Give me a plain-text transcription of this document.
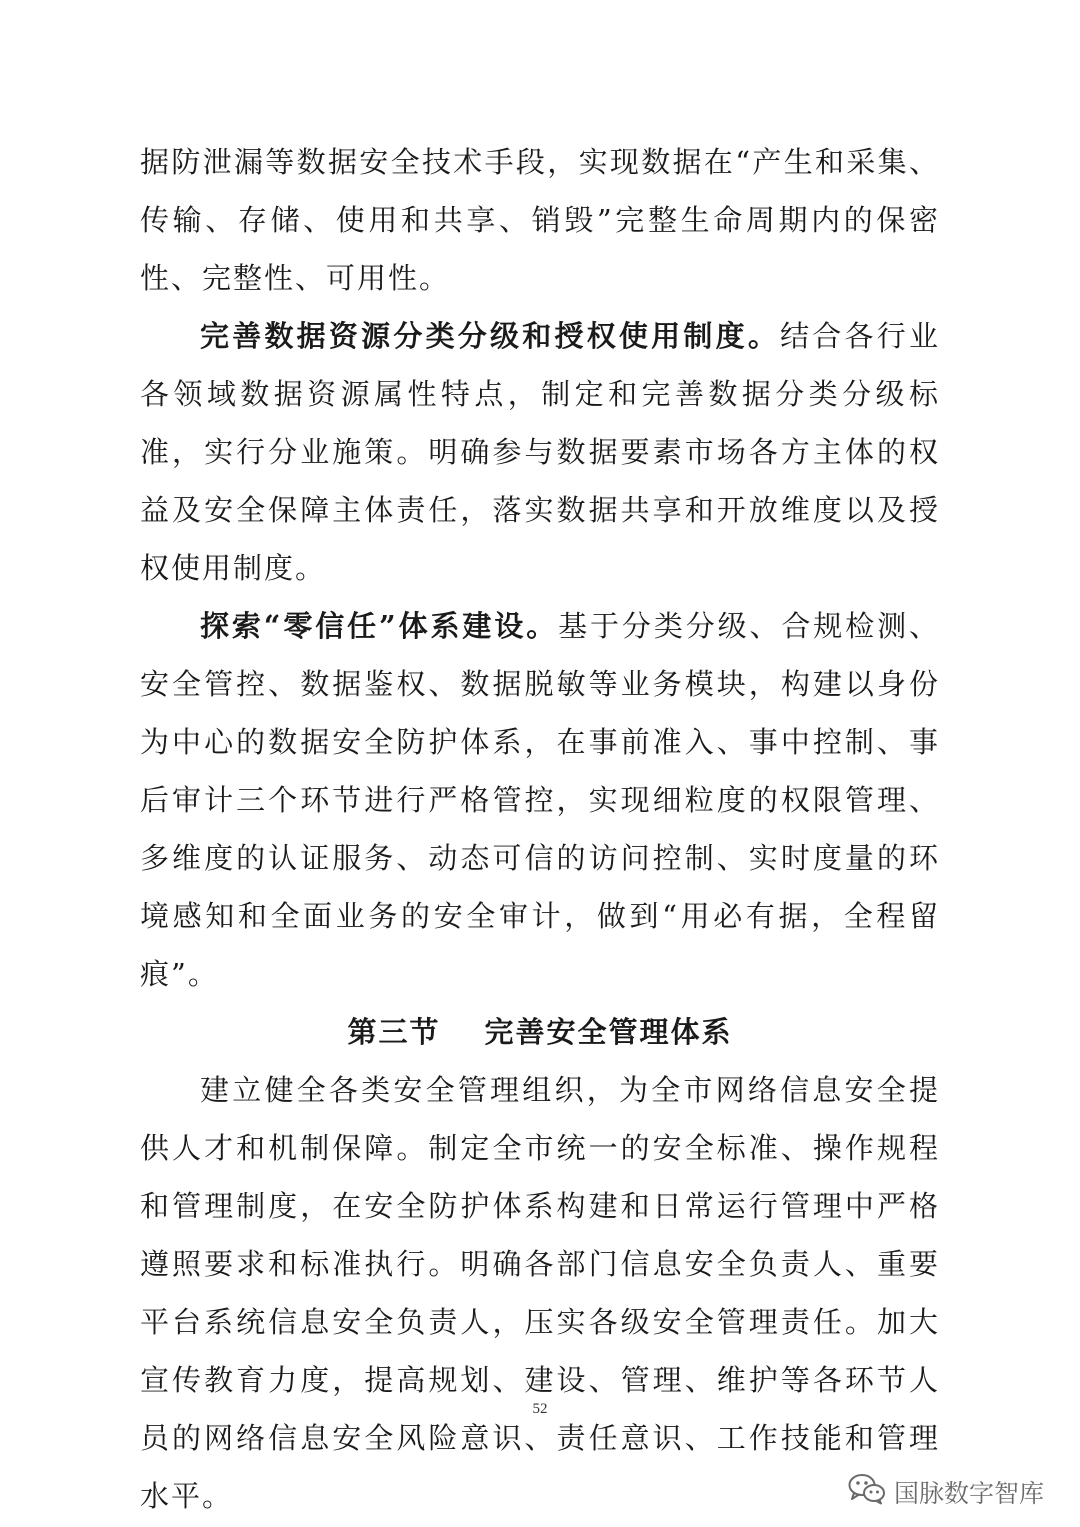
据防泄漏等数据安全技术手段，实现数据在“产生和采集、传输、存储、使用和共享、销毁”完整生命周期内的保密性、完整性、可用性。

完善数据资源分类分级和授权使用制度。结合各行业各领域数据资源属性特点，制定和完善数据分类分级标准，实行分业施策。明确参与数据要素市场各方主体的权益及安全保障主体责任，落实数据共享和开放维度以及授权使用制度。

探索“零信任”体系建设。基于分类分级、合规检测、安全管控、数据鉴权、数据脱敏等业务模块，构建以身份为中心的数据安全防护体系，在事前准入、事中控制、事后审计三个环节进行严格管控，实现细粒度的权限管理、多维度的认证服务、动态可信的访问控制、实时度量的环境感知和全面业务的安全审计，做到“用必有据，全程留痕”。

第三节 完善安全管理体系

建立健全各类安全管理组织，为全市网络信息安全提供人才和机制保障。制定全市统一的安全标准、操作规程和管理制度，在安全防护体系构建和日常运行管理中严格遵照要求和标准执行。明确各部门信息安全负责人、重要平台系统信息安全负责人，压实各级安全管理责任。加大宣传教育力度，提高规划、建设、管理、维护等各环节人员的网络信息安全风险意识、责任意识、工作技能和管理水平。

52
国脉数字智库
